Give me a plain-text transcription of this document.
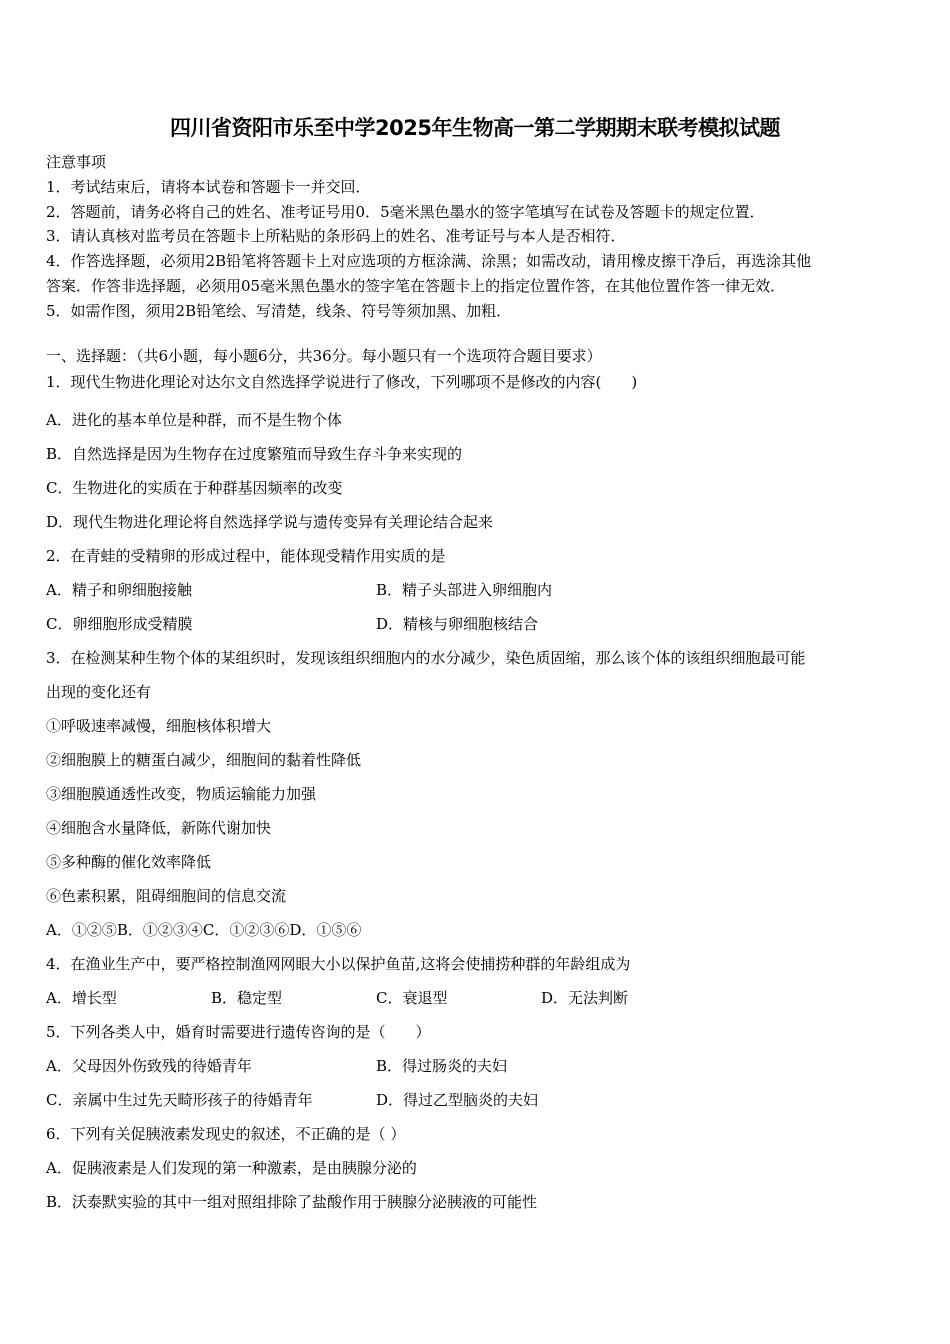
四川省资阳市乐至中学2025年生物高一第二学期期末联考模拟试题
注意事项
1．考试结束后，请将本试卷和答题卡一并交回．
2．答题前，请务必将自己的姓名、准考证号用0．5毫米黑色墨水的签字笔填写在试卷及答题卡的规定位置．
3．请认真核对监考员在答题卡上所粘贴的条形码上的姓名、准考证号与本人是否相符．
4．作答选择题，必须用2B铅笔将答题卡上对应选项的方框涂满、涂黑；如需改动，请用橡皮擦干净后，再选涂其他
答案．作答非选择题，必须用05毫米黑色墨水的签字笔在答题卡上的指定位置作答，在其他位置作答一律无效．
5．如需作图，须用2B铅笔绘、写清楚，线条、符号等须加黑、加粗．
一、选择题：（共6小题，每小题6分，共36分。每小题只有一个选项符合题目要求）
1．现代生物进化理论对达尔文自然选择学说进行了修改，下列哪项不是修改的内容(　　)
A．进化的基本单位是种群，而不是生物个体
B．自然选择是因为生物存在过度繁殖而导致生存斗争来实现的
C．生物进化的实质在于种群基因频率的改变
D．现代生物进化理论将自然选择学说与遗传变异有关理论结合起来
2．在青蛙的受精卵的形成过程中，能体现受精作用实质的是
A．精子和卵细胞接触	B．精子头部进入卵细胞内
C．卵细胞形成受精膜	D．精核与卵细胞核结合
3．在检测某种生物个体的某组织时，发现该组织细胞内的水分减少，染色质固缩，那么该个体的该组织细胞最可能
出现的变化还有
①呼吸速率减慢，细胞核体积增大
②细胞膜上的糖蛋白减少，细胞间的黏着性降低
③细胞膜通透性改变，物质运输能力加强
④细胞含水量降低，新陈代谢加快
⑤多种酶的催化效率降低
⑥色素积累，阻碍细胞间的信息交流
A．①②⑤B．①②③④C．①②③⑥D．①⑤⑥
4．在渔业生产中，要严格控制渔网网眼大小以保护鱼苗,这将会使捕捞种群的年龄组成为
A．增长型	B．稳定型	C．衰退型	D．无法判断
5．下列各类人中，婚育时需要进行遗传咨询的是（　　）
A．父母因外伤致残的待婚青年	B．得过肠炎的夫妇
C．亲属中生过先天畸形孩子的待婚青年	D．得过乙型脑炎的夫妇
6．下列有关促胰液素发现史的叙述，不正确的是（ ）
A．促胰液素是人们发现的第一种激素，是由胰腺分泌的
B．沃泰默实验的其中一组对照组排除了盐酸作用于胰腺分泌胰液的可能性
